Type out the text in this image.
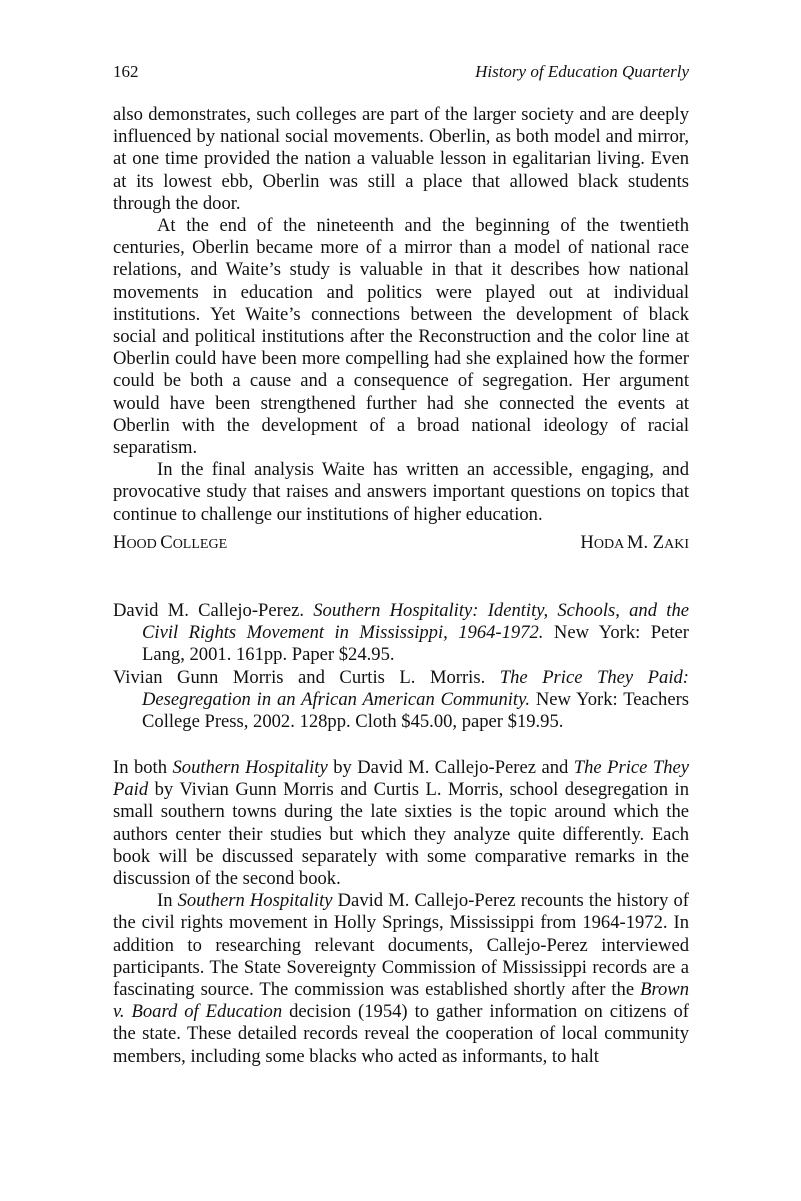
162	History of Education Quarterly

also demonstrates, such colleges are part of the larger society and are deeply influenced by national social movements. Oberlin, as both model and mirror, at one time provided the nation a valuable lesson in egalitarian living. Even at its lowest ebb, Oberlin was still a place that allowed black students through the door.

At the end of the nineteenth and the beginning of the twentieth centuries, Oberlin became more of a mirror than a model of national race relations, and Waite’s study is valuable in that it describes how national movements in education and politics were played out at individual institutions. Yet Waite’s connections between the development of black social and political institutions after the Reconstruction and the color line at Oberlin could have been more compelling had she explained how the former could be both a cause and a consequence of segregation. Her argument would have been strengthened further had she connected the events at Oberlin with the development of a broad national ideology of racial separatism.

In the final analysis Waite has written an accessible, engaging, and provocative study that raises and answers important questions on topics that continue to challenge our institutions of higher education.

HOOD COLLEGE	HODA M. ZAKI

David M. Callejo-Perez. Southern Hospitality: Identity, Schools, and the Civil Rights Movement in Mississippi, 1964-1972. New York: Peter Lang, 2001. 161pp. Paper $24.95.

Vivian Gunn Morris and Curtis L. Morris. The Price They Paid: Desegregation in an African American Community. New York: Teachers College Press, 2002. 128pp. Cloth $45.00, paper $19.95.

In both Southern Hospitality by David M. Callejo-Perez and The Price They Paid by Vivian Gunn Morris and Curtis L. Morris, school desegregation in small southern towns during the late sixties is the topic around which the authors center their studies but which they analyze quite differently. Each book will be discussed separately with some comparative remarks in the discussion of the second book.

In Southern Hospitality David M. Callejo-Perez recounts the history of the civil rights movement in Holly Springs, Mississippi from 1964-1972. In addition to researching relevant documents, Callejo-Perez interviewed participants. The State Sovereignty Commission of Mississippi records are a fascinating source. The commission was established shortly after the Brown v. Board of Education decision (1954) to gather information on citizens of the state. These detailed records reveal the cooperation of local community members, including some blacks who acted as informants, to halt
